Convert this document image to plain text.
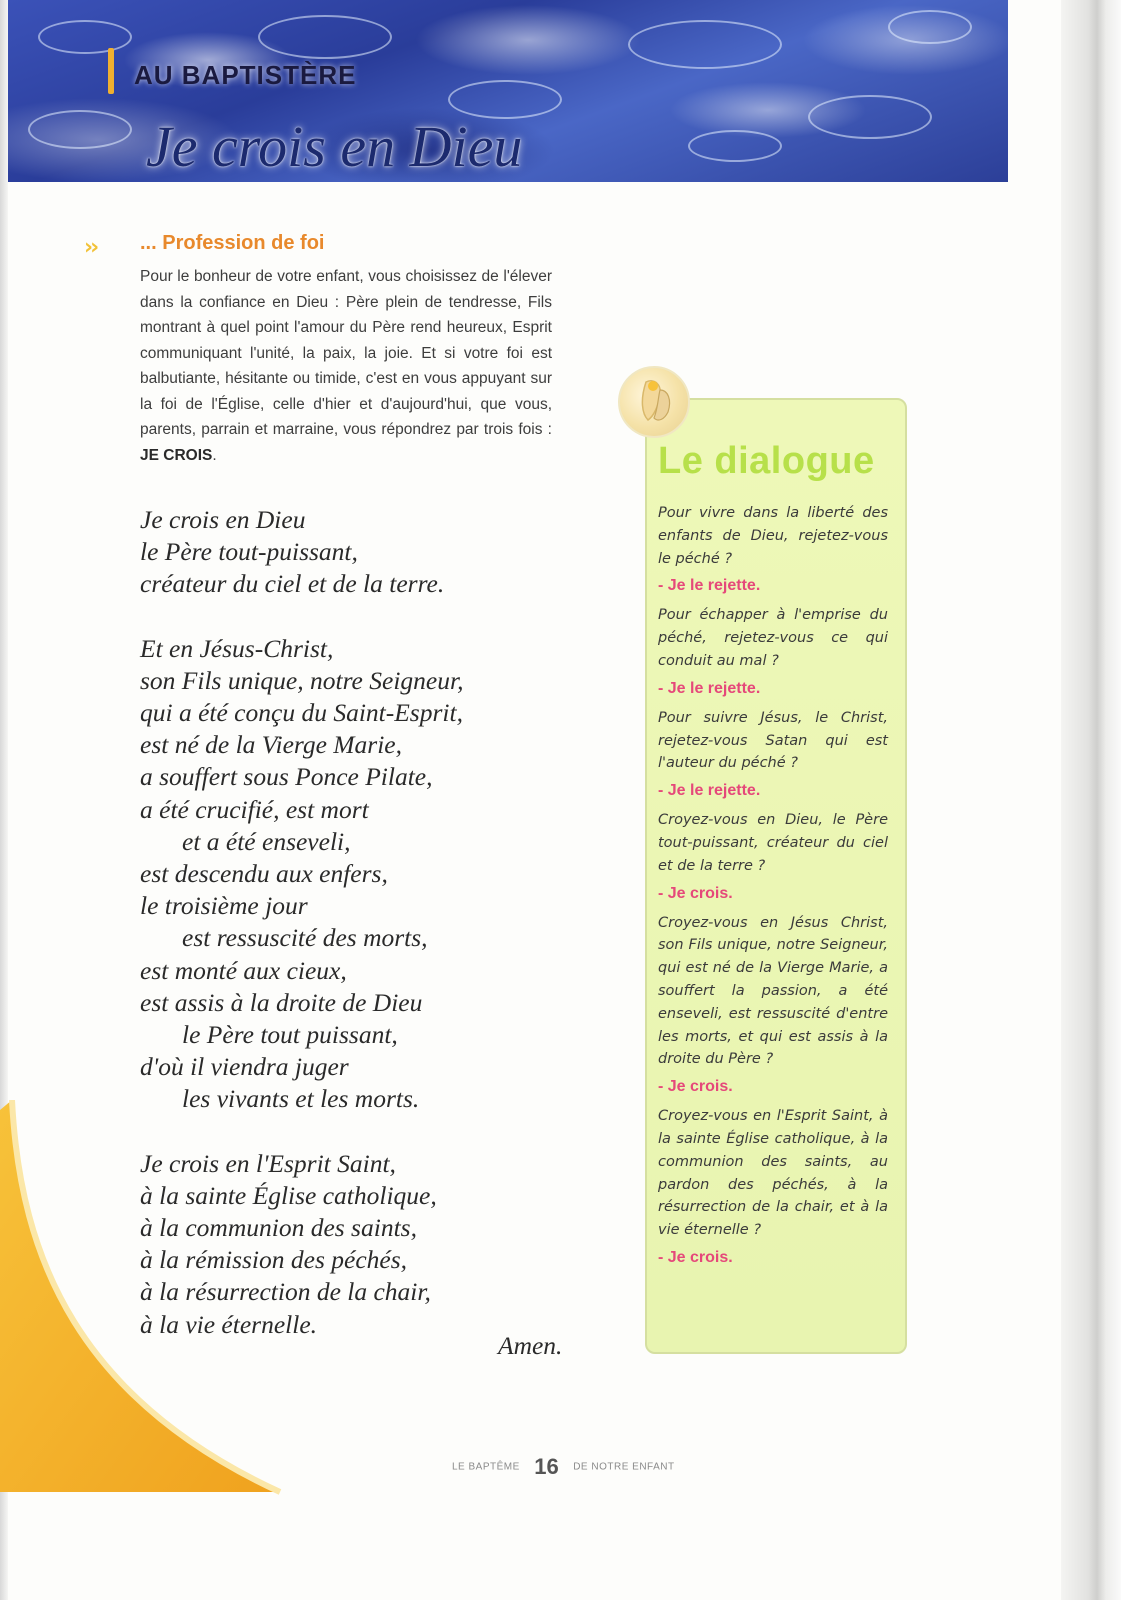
AU BAPTISTÈRE
Je crois en Dieu
›› ... Profession de foi

Pour le bonheur de votre enfant, vous choisissez de l'élever dans la confiance en Dieu : Père plein de tendresse, Fils montrant à quel point l'amour du Père rend heureux, Esprit communiquant l'unité, la paix, la joie. Et si votre foi est balbutiante, hésitante ou timide, c'est en vous appuyant sur la foi de l'Église, celle d'hier et d'aujourd'hui, que vous, parents, parrain et marraine, vous répondrez par trois fois : JE CROIS.

Je crois en Dieu
le Père tout-puissant,
créateur du ciel et de la terre.
Et en Jésus-Christ,
son Fils unique, notre Seigneur,
qui a été conçu du Saint-Esprit,
est né de la Vierge Marie,
a souffert sous Ponce Pilate,
a été crucifié, est mort
et a été enseveli,
est descendu aux enfers,
le troisième jour
est ressuscité des morts,
est monté aux cieux,
est assis à la droite de Dieu
le Père tout puissant,
d'où il viendra juger
les vivants et les morts.
Je crois en l'Esprit Saint,
à la sainte Église catholique,
à la communion des saints,
à la rémission des péchés,
à la résurrection de la chair,
à la vie éternelle.
Amen.
Le dialogue

Pour vivre dans la liberté des enfants de Dieu, rejetez-vous le péché ?

- Je le rejette.

Pour échapper à l'emprise du péché, rejetez-vous ce qui conduit au mal ?

- Je le rejette.

Pour suivre Jésus, le Christ, rejetez-vous Satan qui est l'auteur du péché ?

- Je le rejette.

Croyez-vous en Dieu, le Père tout-puissant, créateur du ciel et de la terre ?

- Je crois.

Croyez-vous en Jésus Christ, son Fils unique, notre Seigneur, qui est né de la Vierge Marie, a souffert la passion, a été enseveli, est ressuscité d'entre les morts, et qui est assis à la droite du Père ?

- Je crois.

Croyez-vous en l'Esprit Saint, à la sainte Église catholique, à la communion des saints, au pardon des péchés, à la résurrection de la chair, et à la vie éternelle ?

- Je crois.

LE BAPTÊME 16 DE NOTRE ENFANT
